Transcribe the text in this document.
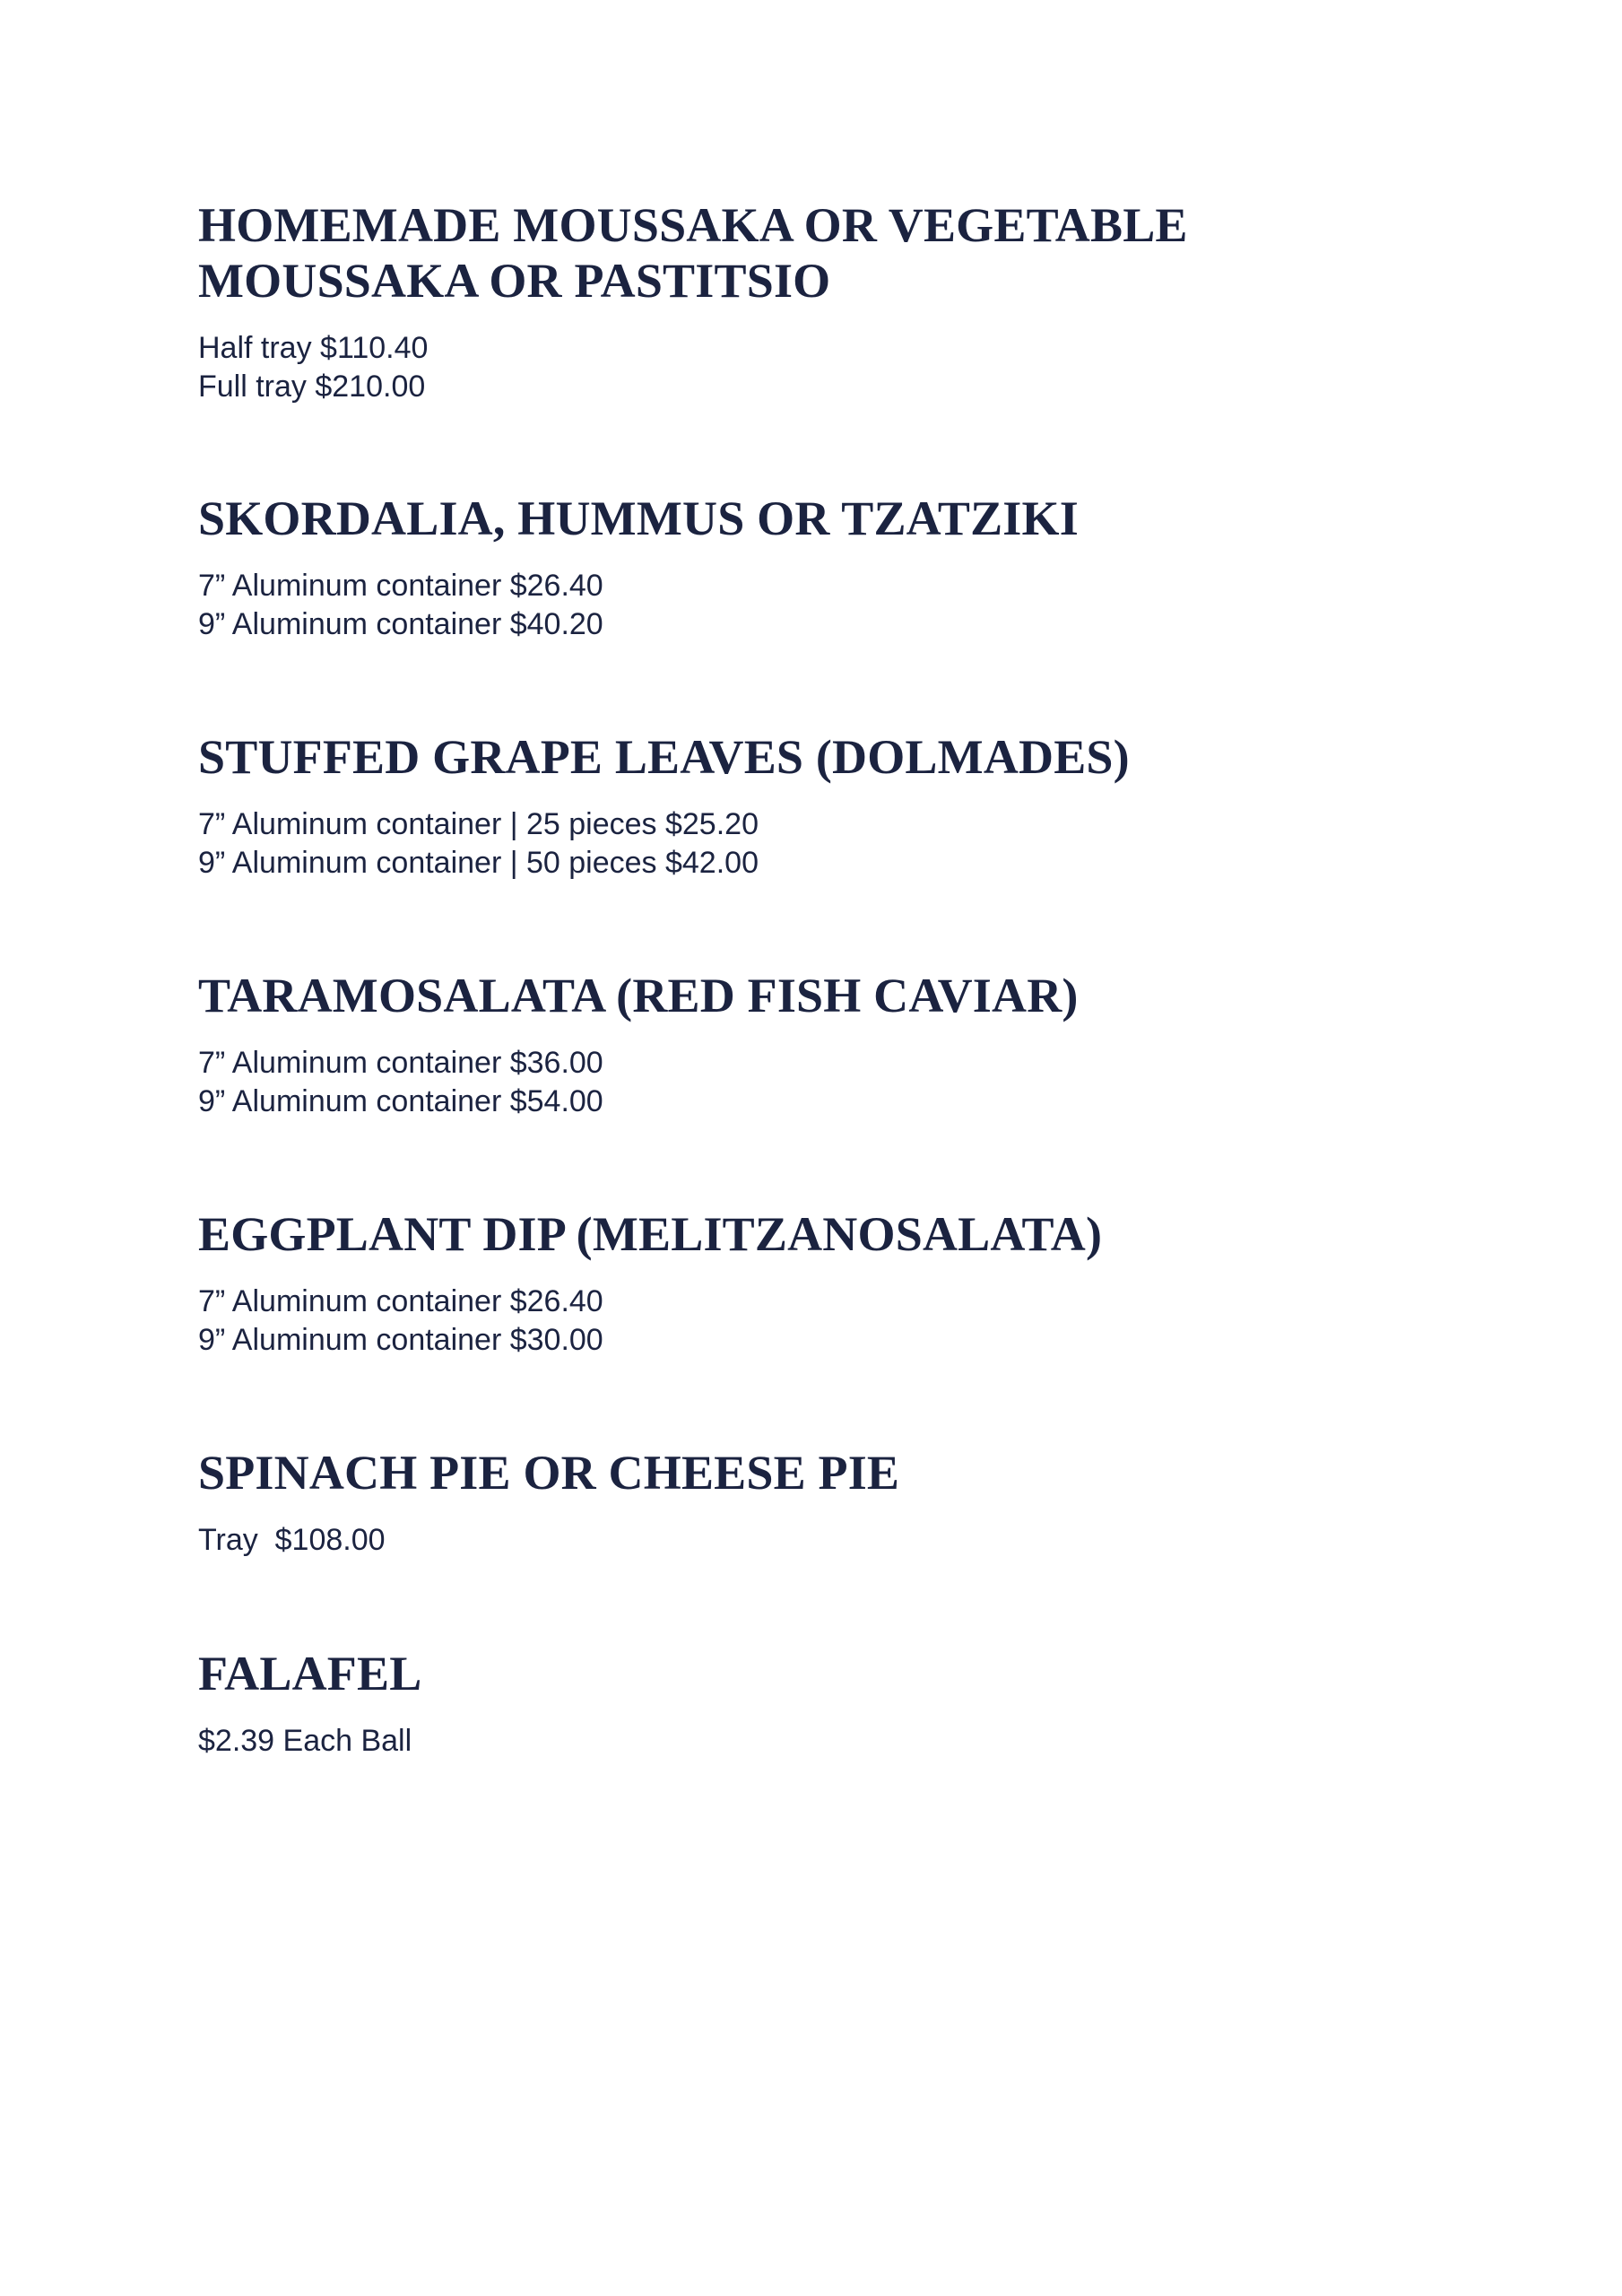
HOMEMADE MOUSSAKA OR VEGETABLE MOUSSAKA OR PASTITSIO
Half tray $110.40
Full tray $210.00
SKORDALIA, HUMMUS OR TZATZIKI
7” Aluminum container $26.40
9” Aluminum container $40.20
STUFFED GRAPE LEAVES (DOLMADES)
7” Aluminum container | 25 pieces $25.20
9” Aluminum container | 50 pieces $42.00
TARAMOSALATA (RED FISH CAVIAR)
7” Aluminum container $36.00
9” Aluminum container $54.00
EGGPLANT DIP (MELITZANOSALATA)
7” Aluminum container $26.40
9” Aluminum container $30.00
SPINACH PIE OR CHEESE PIE
Tray  $108.00
FALAFEL
$2.39 Each Ball
